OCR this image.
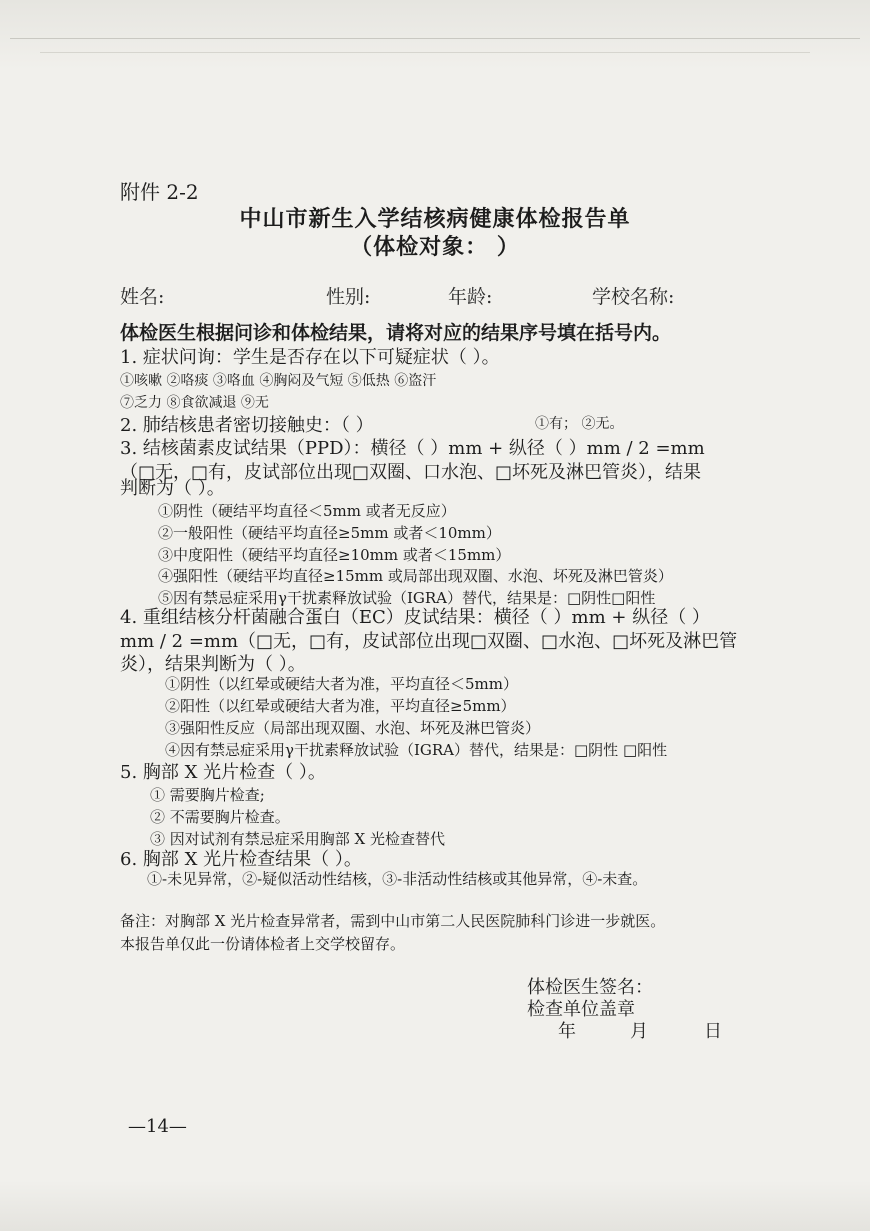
附件 2-2
中山市新生入学结核病健康体检报告单
（体检对象： ）
姓名:	性别:	年龄:	学校名称:
体检医生根据问诊和体检结果，请将对应的结果序号填在括号内。
1. 症状问询：学生是否存在以下可疑症状（ ）。
①咳嗽 ②咯痰 ③咯血 ④胸闷及气短 ⑤低热 ⑥盗汗
⑦乏力 ⑧食欲减退 ⑨无
2. 肺结核患者密切接触史：（ ）	①有； ②无。
3. 结核菌素皮试结果（PPD）：横径（ ）mm + 纵径（ ）mm / 2 =mm
（□无，□有，皮试部位出现□双圈、口水泡、□坏死及淋巴管炎），结果
判断为（ ）。
①阴性（硬结平均直径＜5mm 或者无反应）
②一般阳性（硬结平均直径≥5mm 或者＜10mm）
③中度阳性（硬结平均直径≥10mm 或者＜15mm）
④强阳性（硬结平均直径≥15mm 或局部出现双圈、水泡、坏死及淋巴管炎）
⑤因有禁忌症采用γ干扰素释放试验（IGRA）替代，结果是：□阴性□阳性
4. 重组结核分杆菌融合蛋白（EC）皮试结果：横径（ ）mm + 纵径（ ）
mm / 2 =mm（□无，□有，皮试部位出现□双圈、□水泡、□坏死及淋巴管
炎），结果判断为（ ）。
①阴性（以红晕或硬结大者为准，平均直径＜5mm）
②阳性（以红晕或硬结大者为准，平均直径≥5mm）
③强阳性反应（局部出现双圈、水泡、坏死及淋巴管炎）
④因有禁忌症采用γ干扰素释放试验（IGRA）替代，结果是：□阴性 □阳性
5. 胸部 X 光片检查（ ）。
① 需要胸片检查;
② 不需要胸片检查。
③ 因对试剂有禁忌症采用胸部 X 光检查替代
6. 胸部 X 光片检查结果（ ）。
①-未见异常，②-疑似活动性结核，③-非活动性结核或其他异常，④-未查。
备注：对胸部 X 光片检查异常者，需到中山市第二人民医院肺科门诊进一步就医。
本报告单仅此一份请体检者上交学校留存。
体检医生签名：
检查单位盖章
年	月	日
—14—
